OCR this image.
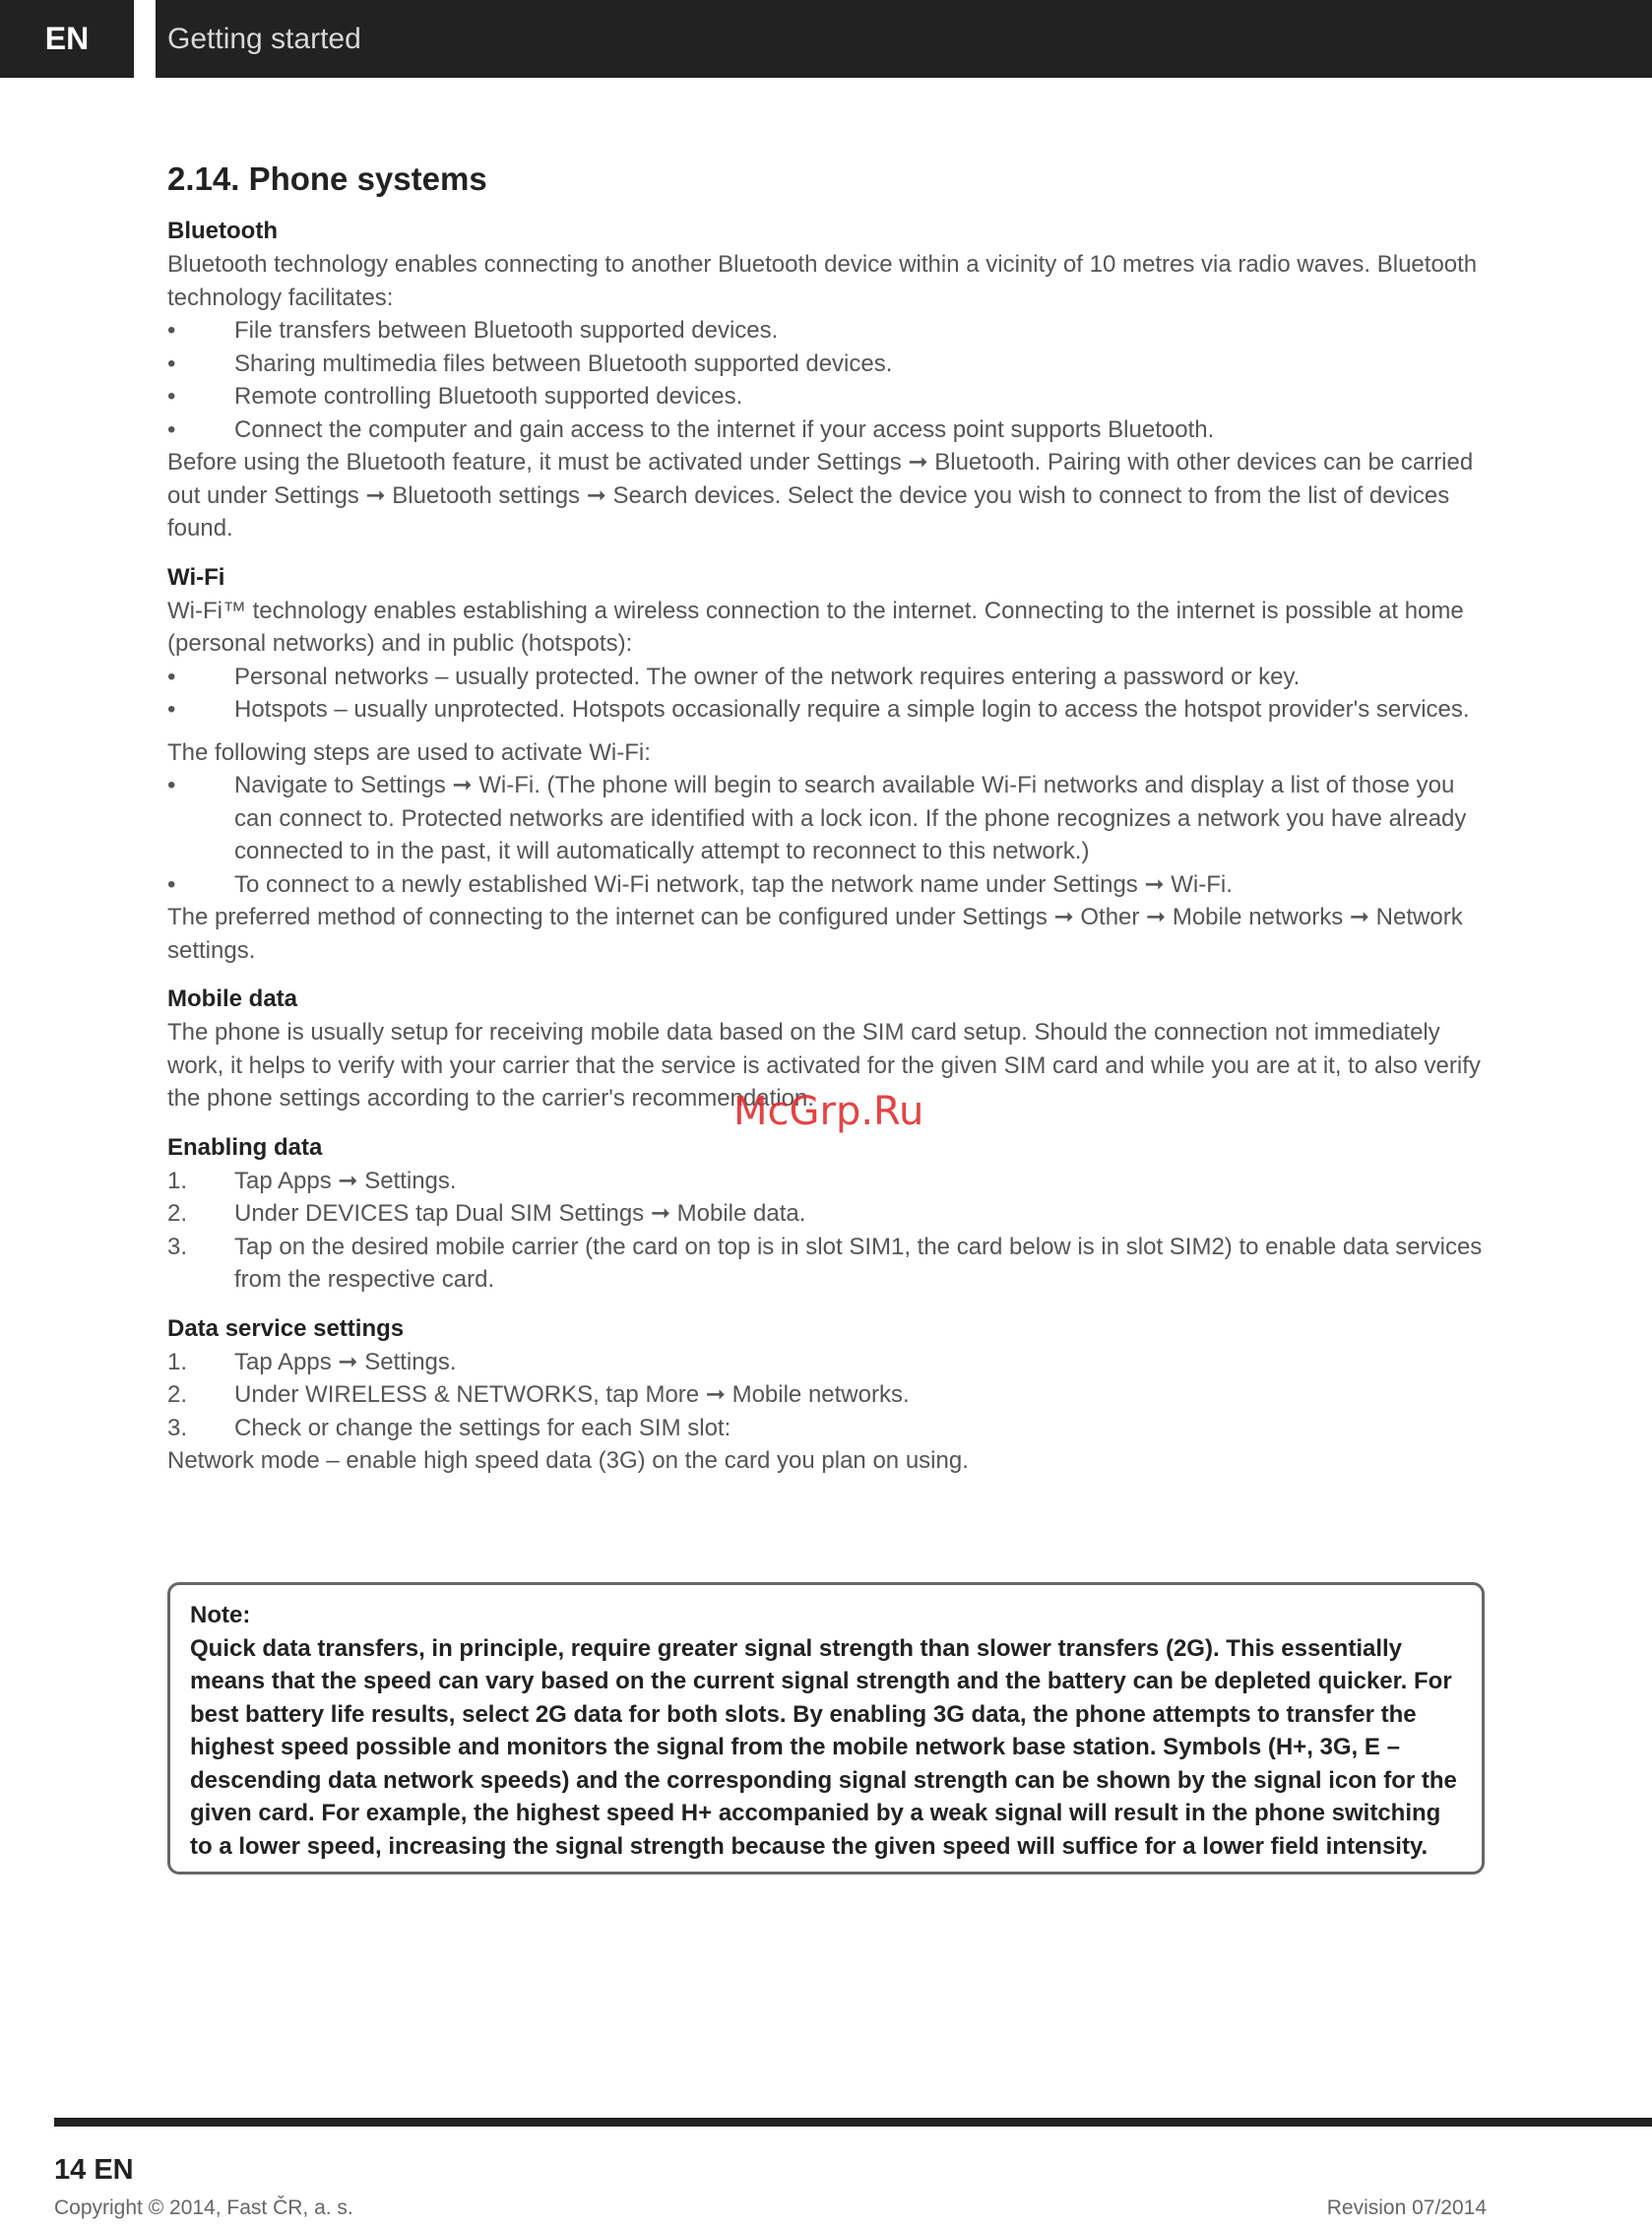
EN	Getting started
2.14. Phone systems
Bluetooth
Bluetooth technology enables connecting to another Bluetooth device within a vicinity of 10 metres via radio waves. Bluetooth technology facilitates:
•	File transfers between Bluetooth supported devices.
•	Sharing multimedia files between Bluetooth supported devices.
•	Remote controlling Bluetooth supported devices.
•	Connect the computer and gain access to the internet if your access point supports Bluetooth.
Before using the Bluetooth feature, it must be activated under Settings ➞ Bluetooth. Pairing with other devices can be carried out under Settings ➞ Bluetooth settings ➞ Search devices. Select the device you wish to connect to from the list of devices found.
Wi-Fi
Wi-Fi™ technology enables establishing a wireless connection to the internet. Connecting to the internet is possible at home (personal networks) and in public (hotspots):
•	Personal networks – usually protected. The owner of the network requires entering a password or key.
•	Hotspots – usually unprotected. Hotspots occasionally require a simple login to access the hotspot provider's services.
The following steps are used to activate Wi-Fi:
•	Navigate to Settings ➞ Wi-Fi. (The phone will begin to search available Wi-Fi networks and display a list of those you can connect to. Protected networks are identified with a lock icon. If the phone recognizes a network you have already connected to in the past, it will automatically attempt to reconnect to this network.)
•	To connect to a newly established Wi-Fi network, tap the network name under Settings ➞ Wi-Fi.
The preferred method of connecting to the internet can be configured under Settings ➞ Other ➞ Mobile networks ➞ Network settings.
Mobile data
The phone is usually setup for receiving mobile data based on the SIM card setup. Should the connection not immediately work, it helps to verify with your carrier that the service is activated for the given SIM card and while you are at it, to also verify the phone settings according to the carrier's recommendation.
Enabling data
1.	Tap Apps ➞ Settings.
2.	Under DEVICES tap Dual SIM Settings ➞ Mobile data.
3.	Tap on the desired mobile carrier (the card on top is in slot SIM1, the card below is in slot SIM2) to enable data services from the respective card.
Data service settings
1.	Tap Apps ➞ Settings.
2.	Under WIRELESS & NETWORKS, tap More ➞ Mobile networks.
3.	Check or change the settings for each SIM slot:
Network mode – enable high speed data (3G) on the card you plan on using.
Note:
Quick data transfers, in principle, require greater signal strength than slower transfers (2G). This essentially means that the speed can vary based on the current signal strength and the battery can be depleted quicker. For best battery life results, select 2G data for both slots. By enabling 3G data, the phone attempts to transfer the highest speed possible and monitors the signal from the mobile network base station. Symbols (H+, 3G, E – descending data network speeds) and the corresponding signal strength can be shown by the signal icon for the given card. For example, the highest speed H+ accompanied by a weak signal will result in the phone switching to a lower speed, increasing the signal strength because the given speed will suffice for a lower field intensity.
McGrp.Ru
14 EN
Copyright © 2014, Fast ČR, a. s.	Revision 07/2014
